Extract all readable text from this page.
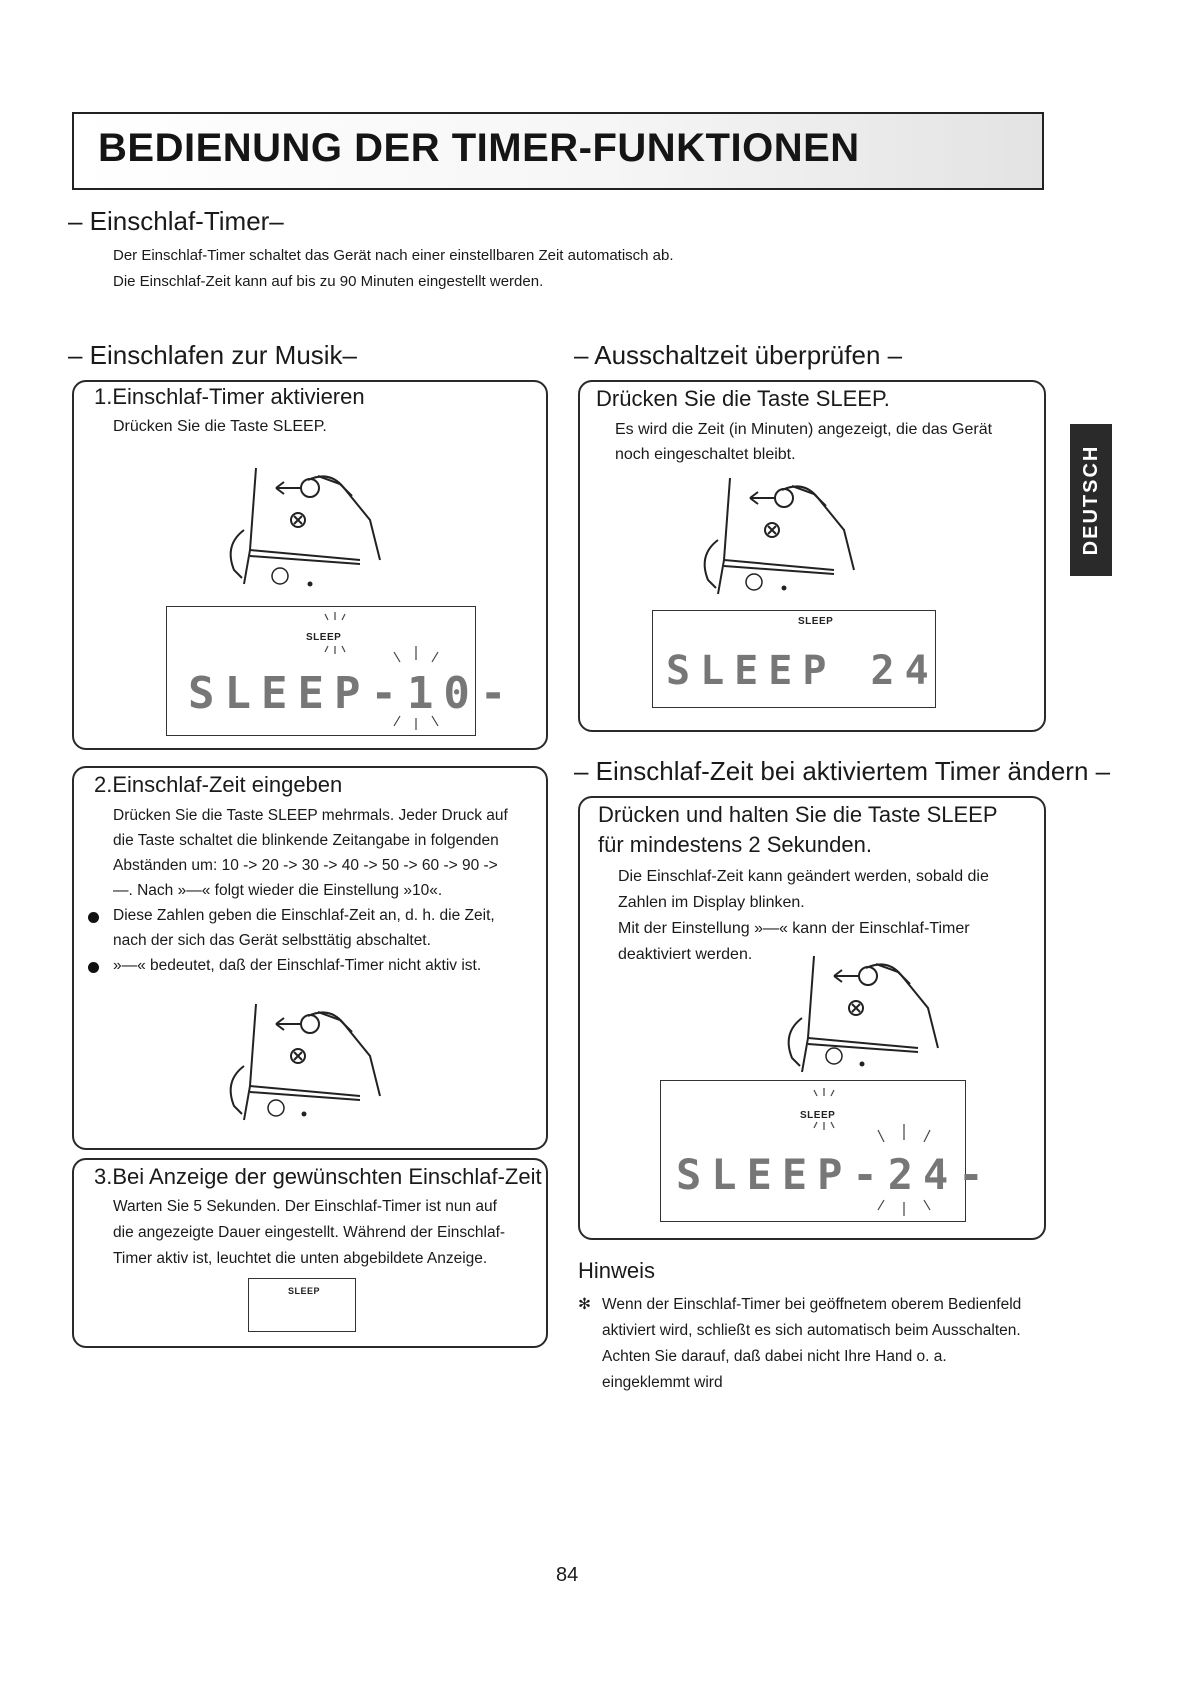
BEDIENUNG DER TIMER-FUNKTIONEN
DEUTSCH
– Einschlaf-Timer–
Der Einschlaf-Timer schaltet das Gerät nach einer einstellbaren Zeit automatisch ab.
Die Einschlaf-Zeit kann auf bis zu 90 Minuten eingestellt werden.
– Einschlafen zur Musik–
1.Einschlaf-Timer aktivieren
Drücken Sie die Taste SLEEP.
SLEEP
SLEEP-10-
2.Einschlaf-Zeit eingeben
Drücken Sie die Taste SLEEP mehrmals. Jeder Druck auf
die Taste schaltet die blinkende Zeitangabe in folgenden
Abständen um: 10 -> 20 -> 30 -> 40 -> 50 -> 60 -> 90 ->
—. Nach »—« folgt wieder die Einstellung »10«.
Diese Zahlen geben die Einschlaf-Zeit an, d. h. die Zeit,
nach der sich das Gerät selbsttätig abschaltet.
»—« bedeutet, daß der Einschlaf-Timer nicht aktiv ist.
3.Bei Anzeige der gewünschten Einschlaf-Zeit
Warten Sie 5 Sekunden. Der Einschlaf-Timer ist nun auf
die angezeigte Dauer eingestellt. Während der Einschlaf-
Timer aktiv ist, leuchtet die unten abgebildete Anzeige.
SLEEP
– Ausschaltzeit überprüfen –
Drücken Sie die Taste SLEEP.
Es wird die Zeit (in Minuten) angezeigt, die das Gerät
noch eingeschaltet bleibt.
SLEEP
SLEEP 24
– Einschlaf-Zeit bei aktiviertem Timer ändern –
Drücken und halten Sie die Taste SLEEP
für mindestens 2 Sekunden.
Die Einschlaf-Zeit kann geändert werden, sobald die
Zahlen im Display blinken.
Mit der Einstellung »—« kann der Einschlaf-Timer
deaktiviert werden.
SLEEP
SLEEP-24-
Hinweis
✻ Wenn der Einschlaf-Timer bei geöffnetem oberem Bedienfeld
aktiviert wird, schließt es sich automatisch beim Ausschalten.
Achten Sie darauf, daß dabei nicht Ihre Hand o. a.
eingeklemmt wird
84
